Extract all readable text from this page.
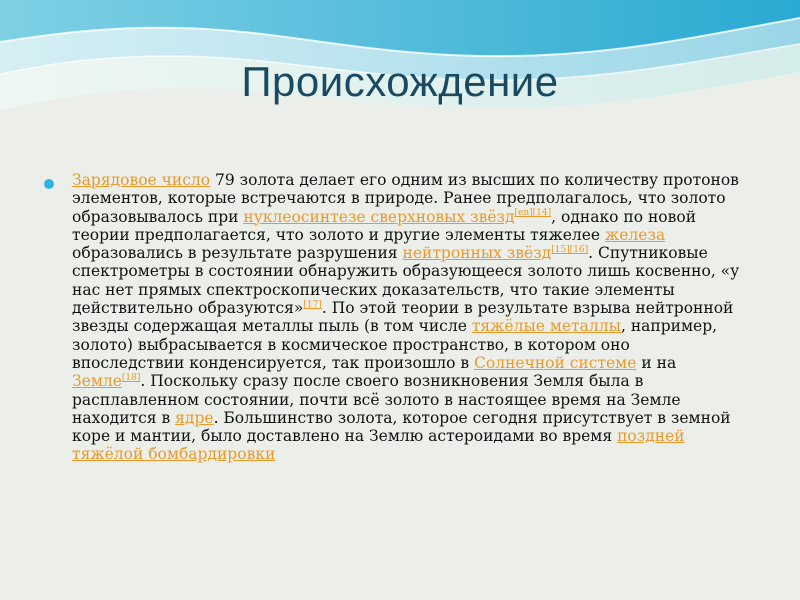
Происхождение

Зарядовое число 79 золота делает его одним из высших по количеству протонов элементов, которые встречаются в природе. Ранее предполагалось, что золото образовывалось при нуклеосинтезе сверхновых звёзд[en][14], однако по новой теории предполагается, что золото и другие элементы тяжелее железа образовались в результате разрушения нейтронных звёзд[15][16]. Спутниковые спектрометры в состоянии обнаружить образующееся золото лишь косвенно, «у нас нет прямых спектроскопических доказательств, что такие элементы действительно образуются»[17]. По этой теории в результате взрыва нейтронной звезды содержащая металлы пыль (в том числе тяжёлые металлы, например, золото) выбрасывается в космическое пространство, в котором оно впоследствии конденсируется, так произошло в Солнечной системе и на Земле[18]. Поскольку сразу после своего возникновения Земля была в расплавленном состоянии, почти всё золото в настоящее время на Земле находится в ядре. Большинство золота, которое сегодня присутствует в земной коре и мантии, было доставлено на Землю астероидами во время поздней тяжёлой бомбардировки
